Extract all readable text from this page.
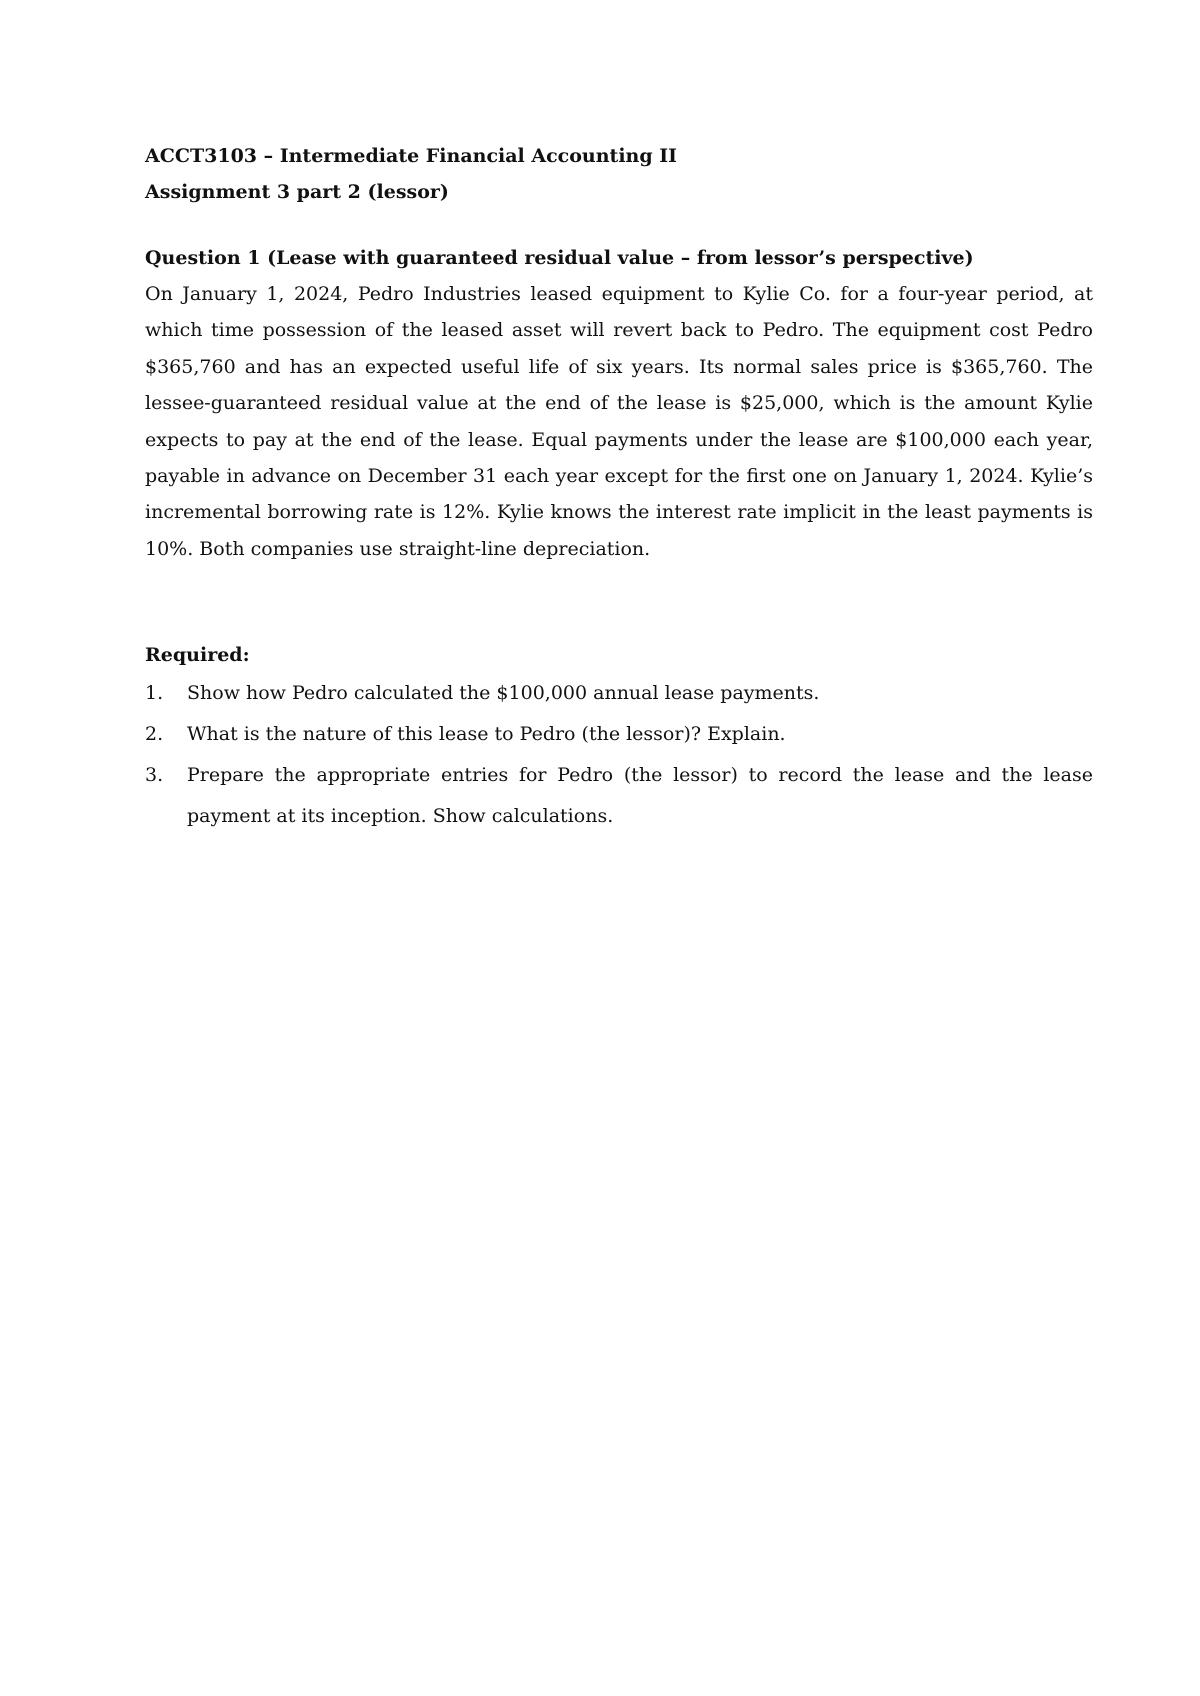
ACCT3103 – Intermediate Financial Accounting II
Assignment 3 part 2 (lessor)
Question 1 (Lease with guaranteed residual value – from lessor’s perspective)

On January 1, 2024, Pedro Industries leased equipment to Kylie Co. for a four-year period, at which time possession of the leased asset will revert back to Pedro. The equipment cost Pedro $365,760 and has an expected useful life of six years. Its normal sales price is $365,760. The lessee-guaranteed residual value at the end of the lease is $25,000, which is the amount Kylie expects to pay at the end of the lease. Equal payments under the lease are $100,000 each year, payable in advance on December 31 each year except for the first one on January 1, 2024. Kylie’s incremental borrowing rate is 12%. Kylie knows the interest rate implicit in the least payments is 10%. Both companies use straight-line depreciation.

Required:
1. Show how Pedro calculated the $100,000 annual lease payments.
2. What is the nature of this lease to Pedro (the lessor)? Explain.
3. Prepare the appropriate entries for Pedro (the lessor) to record the lease and the lease payment at its inception. Show calculations.
